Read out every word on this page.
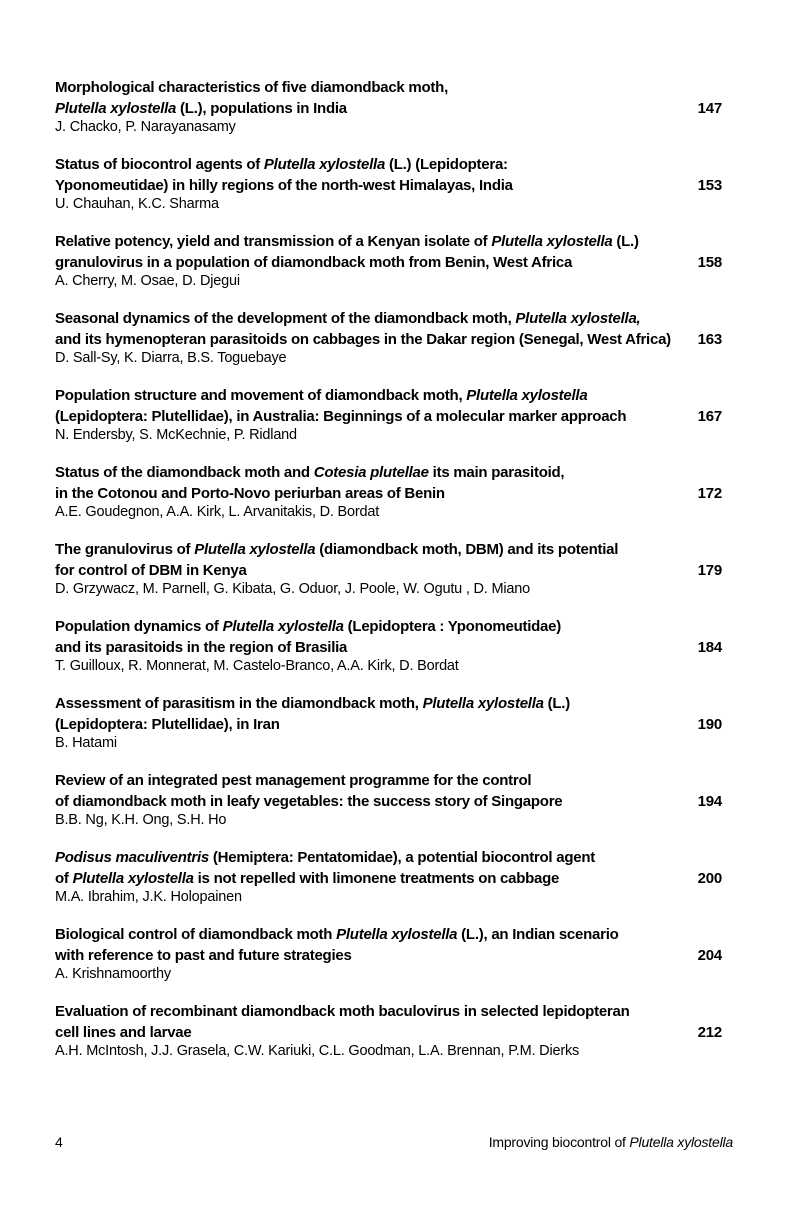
Morphological characteristics of five diamondback moth,
Plutella xylostella (L.), populations in India
J. Chacko, P. Narayanasamy
147
Status of biocontrol agents of Plutella xylostella (L.) (Lepidoptera:
Yponomeutidae) in hilly regions of the north-west Himalayas, India
U. Chauhan, K.C. Sharma
153
Relative potency, yield and transmission of a Kenyan isolate of Plutella xylostella (L.)
granulovirus in a population of diamondback moth from Benin, West Africa
A. Cherry, M. Osae, D. Djegui
158
Seasonal dynamics of the development of the diamondback moth, Plutella xylostella,
and its hymenopteran parasitoids on cabbages in the Dakar region (Senegal, West Africa)
D. Sall-Sy, K. Diarra, B.S. Toguebaye
163
Population structure and movement of diamondback moth, Plutella xylostella
(Lepidoptera: Plutellidae), in Australia: Beginnings of a molecular marker approach
N. Endersby, S. McKechnie, P. Ridland
167
Status of the diamondback moth and Cotesia plutellae its main parasitoid,
in the Cotonou and Porto-Novo periurban areas of Benin
A.E. Goudegnon, A.A. Kirk, L. Arvanitakis, D. Bordat
172
The granulovirus of Plutella xylostella (diamondback moth, DBM) and its potential
for control of DBM in Kenya
D. Grzywacz, M. Parnell, G. Kibata, G. Oduor, J. Poole, W. Ogutu , D. Miano
179
Population dynamics of Plutella xylostella (Lepidoptera : Yponomeutidae)
and its parasitoids in the region of Brasilia
T. Guilloux, R. Monnerat, M. Castelo-Branco, A.A. Kirk, D. Bordat
184
Assessment of parasitism in the diamondback moth, Plutella xylostella (L.)
(Lepidoptera: Plutellidae), in Iran
B. Hatami
190
Review of an integrated pest management programme for the control
of diamondback moth in leafy vegetables: the success story of Singapore
B.B. Ng, K.H. Ong, S.H. Ho
194
Podisus maculiventris (Hemiptera: Pentatomidae), a potential biocontrol agent
of Plutella xylostella is not repelled with limonene treatments on cabbage
M.A. Ibrahim, J.K. Holopainen
200
Biological control of diamondback moth Plutella xylostella (L.), an Indian scenario
with reference to past and future strategies
A. Krishnamoorthy
204
Evaluation of recombinant diamondback moth baculovirus in selected lepidopteran
cell lines and larvae
A.H. McIntosh, J.J. Grasela, C.W. Kariuki, C.L. Goodman, L.A. Brennan, P.M. Dierks
212
4	Improving biocontrol of Plutella xylostella
